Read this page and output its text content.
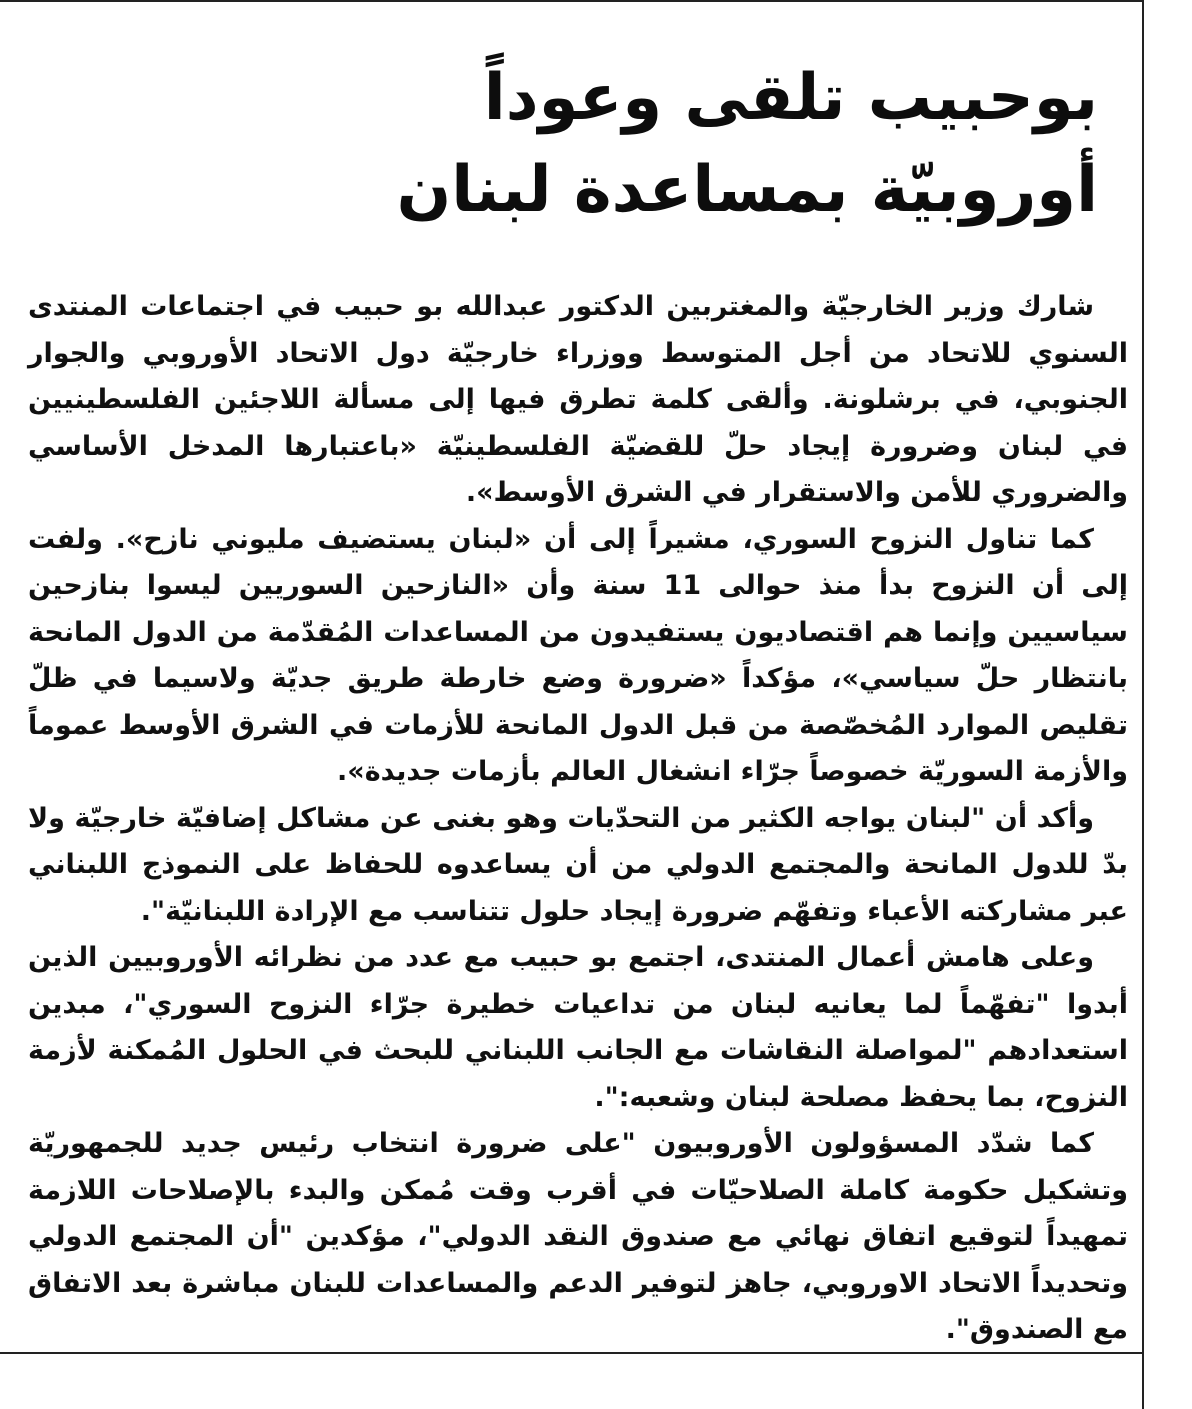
بوحبيب تلقى وعوداً
أوروبيّة بمساعدة لبنان

شارك وزير الخارجيّة والمغتربين الدكتور عبدالله بو حبيب في اجتماعات المنتدى السنوي للاتحاد من أجل المتوسط ووزراء خارجيّة دول الاتحاد الأوروبي والجوار الجنوبي، في برشلونة. وألقى كلمة تطرق فيها إلى مسألة اللاجئين الفلسطينيين في لبنان وضرورة إيجاد حلّ للقضيّة الفلسطينيّة «باعتبارها المدخل الأساسي والضروري للأمن والاستقرار في الشرق الأوسط».

كما تناول النزوح السوري، مشيراً إلى أن «لبنان يستضيف مليوني نازح». ولفت إلى أن النزوح بدأ منذ حوالى 11 سنة وأن «النازحين السوريين ليسوا بنازحين سياسيين وإنما هم اقتصاديون يستفيدون من المساعدات المُقدّمة من الدول المانحة بانتظار حلّ سياسي»، مؤكداً «ضرورة وضع خارطة طريق جديّة ولاسيما في ظلّ تقليص الموارد المُخصّصة من قبل الدول المانحة للأزمات في الشرق الأوسط عموماً والأزمة السوريّة خصوصاً جرّاء انشغال العالم بأزمات جديدة».

وأكد أن "لبنان يواجه الكثير من التحدّيات وهو بغنى عن مشاكل إضافيّة خارجيّة ولا بدّ للدول المانحة والمجتمع الدولي من أن يساعدوه للحفاظ على النموذج اللبناني عبر مشاركته الأعباء وتفهّم ضرورة إيجاد حلول تتناسب مع الإرادة اللبنانيّة".

وعلى هامش أعمال المنتدى، اجتمع بو حبيب مع عدد من نظرائه الأوروبيين الذين أبدوا "تفهّماً لما يعانيه لبنان من تداعيات خطيرة جرّاء النزوح السوري"، مبدين استعدادهم "لمواصلة النقاشات مع الجانب اللبناني للبحث في الحلول المُمكنة لأزمة النزوح، بما يحفظ مصلحة لبنان وشعبه:".

كما شدّد المسؤولون الأوروبيون "على ضرورة انتخاب رئيس جديد للجمهوريّة وتشكيل حكومة كاملة الصلاحيّات في أقرب وقت مُمكن والبدء بالإصلاحات اللازمة تمهيداً لتوقيع اتفاق نهائي مع صندوق النقد الدولي"، مؤكدين "أن المجتمع الدولي وتحديداً الاتحاد الاوروبي، جاهز لتوفير الدعم والمساعدات للبنان مباشرة بعد الاتفاق مع الصندوق".
